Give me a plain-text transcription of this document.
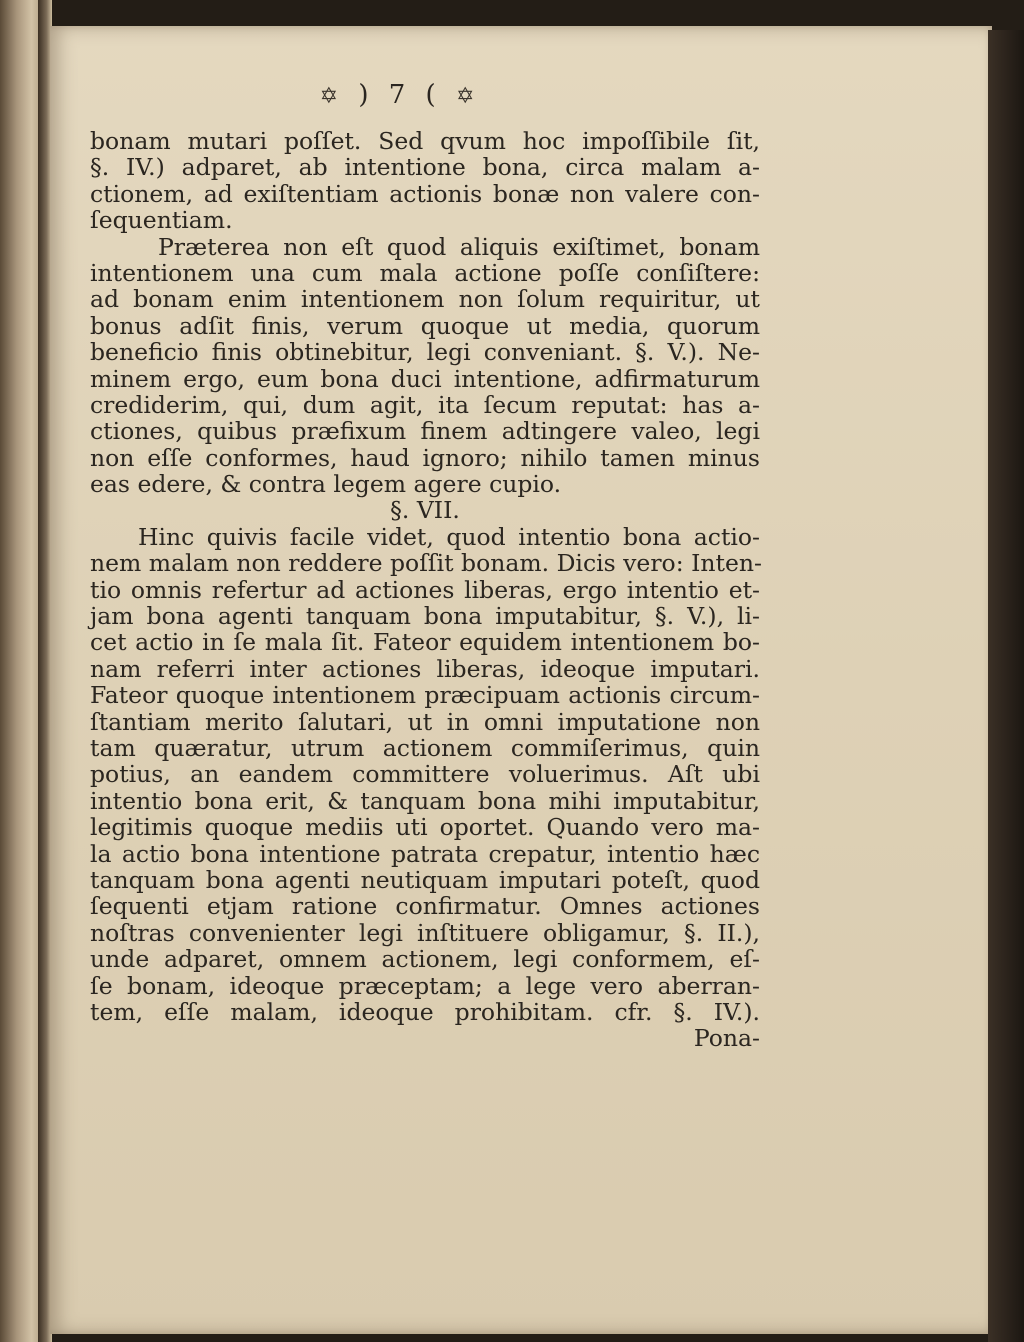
✡ ) 7 ( ✡
bonam mutari poſſet. Sed qvum hoc impoſſibile ſit,
§. IV.) adparet, ab intentione bona, circa malam a-
ctionem, ad exiſtentiam actionis bonæ non valere con-
ſequentiam.
Præterea non eſt quod aliquis exiſtimet, bonam
intentionem una cum mala actione poſſe conſiſtere:
ad bonam enim intentionem non ſolum requiritur, ut
bonus adſit finis, verum quoque ut media, quorum
beneficio finis obtinebitur, legi conveniant. §. V.). Ne-
minem ergo, eum bona duci intentione, adfirmaturum
crediderim, qui, dum agit, ita ſecum reputat: has a-
ctiones, quibus præfixum finem adtingere valeo, legi
non eſſe conformes, haud ignoro; nihilo tamen minus
eas edere, & contra legem agere cupio.
§. VII.
Hinc quivis facile videt, quod intentio bona actio-
nem malam non reddere poſſit bonam. Dicis vero: Inten-
tio omnis refertur ad actiones liberas, ergo intentio et-
jam bona agenti tanquam bona imputabitur, §. V.), li-
cet actio in ſe mala ſit. Fateor equidem intentionem bo-
nam referri inter actiones liberas, ideoque imputari.
Fateor quoque intentionem præcipuam actionis circum-
ſtantiam merito ſalutari, ut in omni imputatione non
tam quæratur, utrum actionem commiſerimus, quin
potius, an eandem committere voluerimus. Aſt ubi
intentio bona erit, & tanquam bona mihi imputabitur,
legitimis quoque mediis uti oportet. Quando vero ma-
la actio bona intentione patrata crepatur, intentio hæc
tanquam bona agenti neutiquam imputari poteſt, quod
ſequenti etjam ratione confirmatur. Omnes actiones
noſtras convenienter legi inſtituere obligamur, §. II.),
unde adparet, omnem actionem, legi conformem, eſ-
ſe bonam, ideoque præceptam; a lege vero aberran-
tem, eſſe malam, ideoque prohibitam. cfr. §. IV.).
Pona-
